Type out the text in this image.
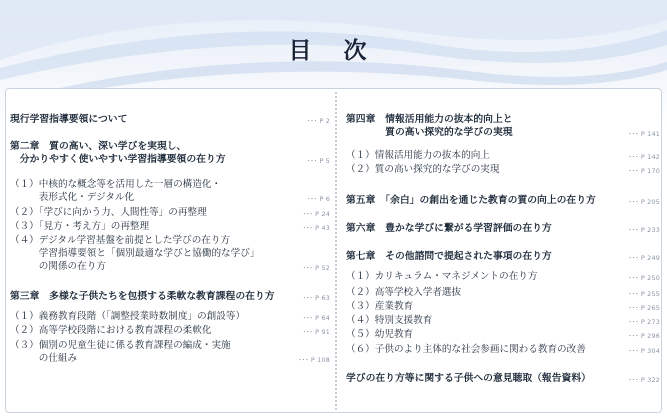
目 次
現行学習指導要領について	･･･ P 2
第二章　質の高い、深い学びを実現し、
　分かりやすく使いやすい学習指導要領の在り方	･･･ P 5
（１）中核的な概念等を活用した一層の構造化・
　　　表形式化・デジタル化	･･･ P 6
（２）「学びに向かう力、人間性等」の再整理	･･･ P 24
（３）「見方・考え方」の再整理	･･･ P 43
（４）デジタル学習基盤を前提とした学びの在り方
　　　学習指導要領と「個別最適な学びと協働的な学び」
　　　の関係の在り方	･･･ P 52
第三章　多様な子供たちを包摂する柔軟な教育課程の在り方	･･･ P 63
（１）義務教育段階（「調整授業時数制度」の創設等）	･･･ P 64
（２）高等学校段階における教育課程の柔軟化	･･･ P 91
（３）個別の児童生徒に係る教育課程の編成・実施
　　　の仕組み	･･･ P 108
第四章　情報活用能力の抜本的向上と
　　　　質の高い探究的な学びの実現	･･･ P 141
（１）情報活用能力の抜本的向上	･･･ P 142
（２）質の高い探究的な学びの実現	･･･ P 170
第五章　「余白」の創出を通じた教育の質の向上の在り方	･･･ P 205
第六章　豊かな学びに繋がる学習評価の在り方	･･･ P 233
第七章　その他諮問で提起された事項の在り方	･･･ P 249
（１）カリキュラム・マネジメントの在り方	･･･ P 250
（２）高等学校入学者選抜	･･･ P 255
（３）産業教育	･･･ P 265
（４）特別支援教育	･･･ P 273
（５）幼児教育	･･･ P 296
（６）子供のより主体的な社会参画に関わる教育の改善	･･･ P 304
学びの在り方等に関する子供への意見聴取（報告資料）	･･･ P 322
